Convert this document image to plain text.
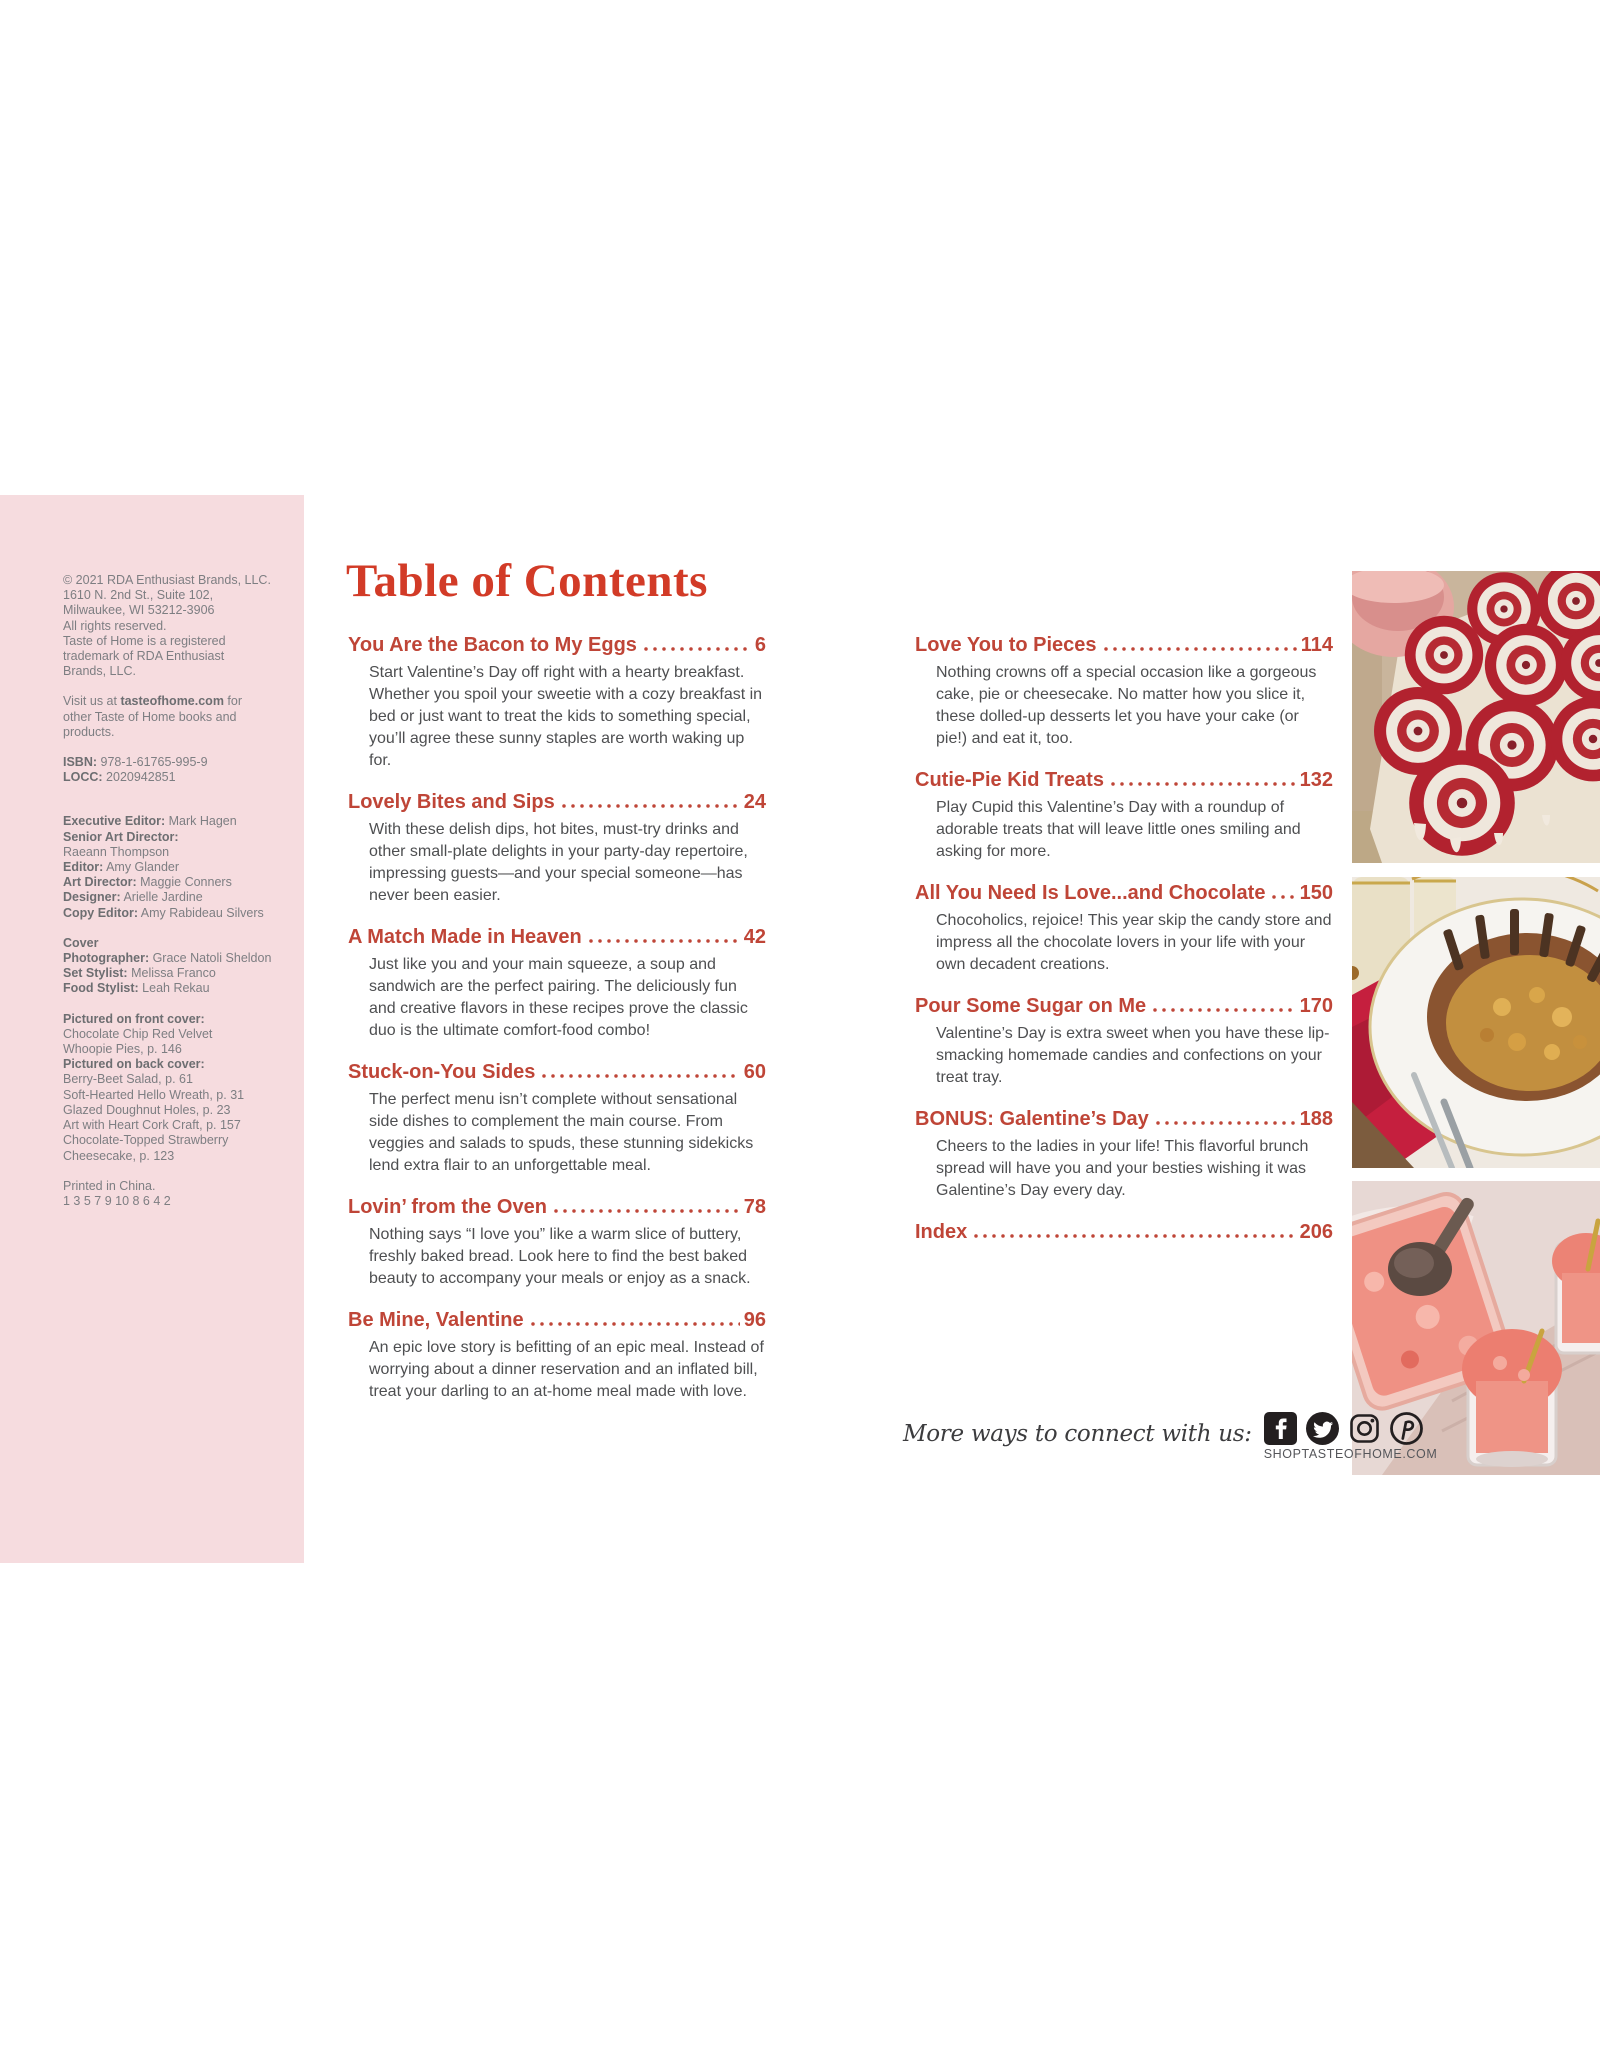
© 2021 RDA Enthusiast Brands, LLC.
1610 N. 2nd St., Suite 102,
Milwaukee, WI 53212-3906
All rights reserved.
Taste of Home is a registered
trademark of RDA Enthusiast
Brands, LLC.
Visit us at tasteofhome.com for
other Taste of Home books and
products.
ISBN: 978-1-61765-995-9
LOCC: 2020942851
Executive Editor: Mark Hagen
Senior Art Director:
Raeann Thompson
Editor: Amy Glander
Art Director: Maggie Conners
Designer: Arielle Jardine
Copy Editor: Amy Rabideau Silvers
Cover
Photographer: Grace Natoli Sheldon
Set Stylist: Melissa Franco
Food Stylist: Leah Rekau
Pictured on front cover:
Chocolate Chip Red Velvet
Whoopie Pies, p. 146
Pictured on back cover:
Berry-Beet Salad, p. 61
Soft-Hearted Hello Wreath, p. 31
Glazed Doughnut Holes, p. 23
Art with Heart Cork Craft, p. 157
Chocolate-Topped Strawberry
Cheesecake, p. 123
Printed in China.
1 3 5 7 9 10 8 6 4 2
Table of Contents
You Are the Bacon to My Eggs	6

Start Valentine’s Day off right with a hearty breakfast. Whether you spoil your sweetie with a cozy breakfast in bed or just want to treat the kids to something special, you’ll agree these sunny staples are worth waking up for.

Lovely Bites and Sips	24

With these delish dips, hot bites, must-try drinks and other small-plate delights in your party-day repertoire, impressing guests—and your special someone—has never been easier.

A Match Made in Heaven	42

Just like you and your main squeeze, a soup and sandwich are the perfect pairing. The deliciously fun and creative flavors in these recipes prove the classic duo is the ultimate comfort-food combo!

Stuck-on-You Sides	60

The perfect menu isn’t complete without sensational side dishes to complement the main course. From veggies and salads to spuds, these stunning sidekicks lend extra flair to an unforgettable meal.

Lovin’ from the Oven	78

Nothing says “I love you” like a warm slice of buttery, freshly baked bread. Look here to find the best baked beauty to accompany your meals or enjoy as a snack.

Be Mine, Valentine	96

An epic love story is befitting of an epic meal. Instead of worrying about a dinner reservation and an inflated bill, treat your darling to an at-home meal made with love.

Love You to Pieces	114

Nothing crowns off a special occasion like a gorgeous cake, pie or cheesecake. No matter how you slice it, these dolled-up desserts let you have your cake (or pie!) and eat it, too.

Cutie-Pie Kid Treats	132

Play Cupid this Valentine’s Day with a roundup of adorable treats that will leave little ones smiling and asking for more.

All You Need Is Love...and Chocolate 150

Chocoholics, rejoice! This year skip the candy store and impress all the chocolate lovers in your life with your own decadent creations.

Pour Some Sugar on Me	170

Valentine’s Day is extra sweet when you have these lip-smacking homemade candies and confections on your treat tray.

BONUS: Galentine’s Day	188

Cheers to the ladies in your life! This flavorful brunch spread will have you and your besties wishing it was Galentine’s Day every day.

Index	206
More ways to connect with us:
SHOPTASTEOFHOME.COM
